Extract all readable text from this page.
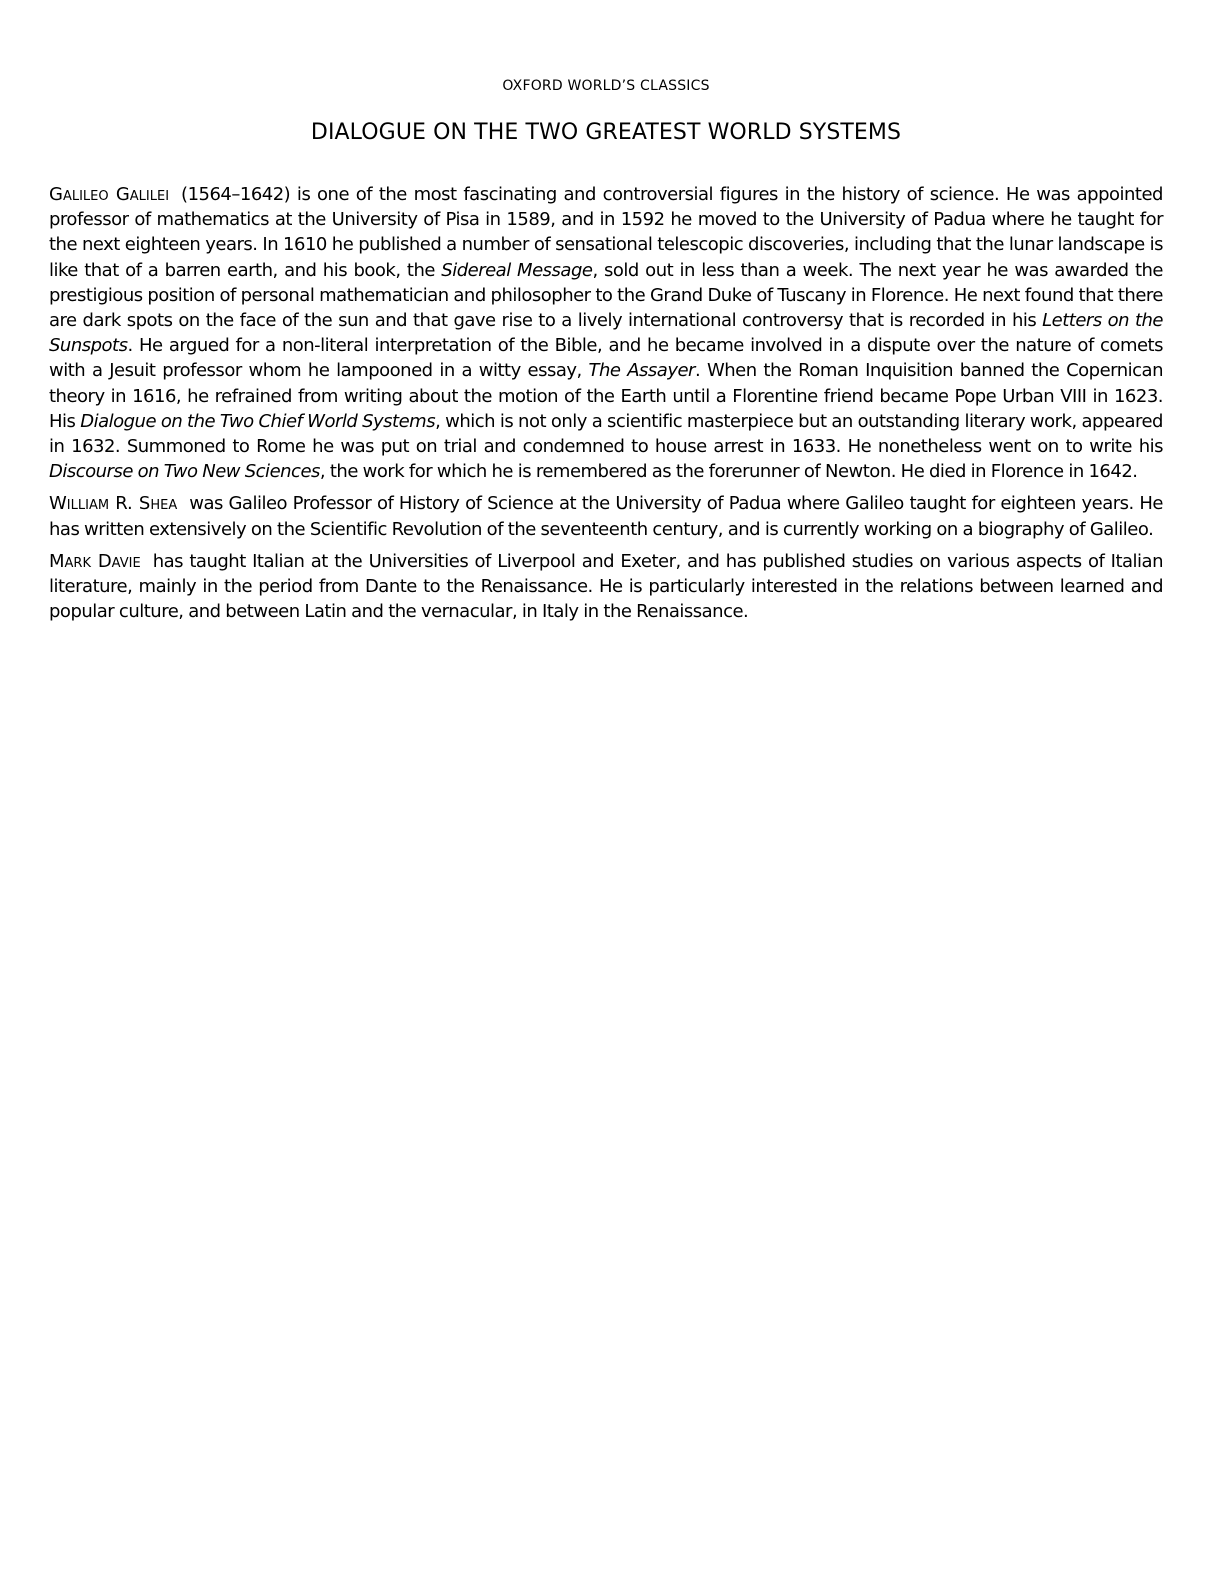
OXFORD WORLD’S CLASSICS
DIALOGUE ON THE TWO GREATEST WORLD SYSTEMS

Galileo Galilei (1564–1642) is one of the most fascinating and controversial figures in the history of science. He was appointed professor of mathematics at the University of Pisa in 1589, and in 1592 he moved to the University of Padua where he taught for the next eighteen years. In 1610 he published a number of sensational telescopic discoveries, including that the lunar landscape is like that of a barren earth, and his book, the Sidereal Message, sold out in less than a week. The next year he was awarded the prestigious position of personal mathematician and philosopher to the Grand Duke of Tuscany in Florence. He next found that there are dark spots on the face of the sun and that gave rise to a lively international controversy that is recorded in his Letters on the Sunspots. He argued for a non-literal interpretation of the Bible, and he became involved in a dispute over the nature of comets with a Jesuit professor whom he lampooned in a witty essay, The Assayer. When the Roman Inquisition banned the Copernican theory in 1616, he refrained from writing about the motion of the Earth until a Florentine friend became Pope Urban VIII in 1623. His Dialogue on the Two Chief World Systems, which is not only a scientific masterpiece but an outstanding literary work, appeared in 1632. Summoned to Rome he was put on trial and condemned to house arrest in 1633. He nonetheless went on to write his Discourse on Two New Sciences, the work for which he is remembered as the forerunner of Newton. He died in Florence in 1642.

William R. Shea was Galileo Professor of History of Science at the University of Padua where Galileo taught for eighteen years. He has written extensively on the Scientific Revolution of the seventeenth century, and is currently working on a biography of Galileo.

Mark Davie has taught Italian at the Universities of Liverpool and Exeter, and has published studies on various aspects of Italian literature, mainly in the period from Dante to the Renaissance. He is particularly interested in the relations between learned and popular culture, and between Latin and the vernacular, in Italy in the Renaissance.
